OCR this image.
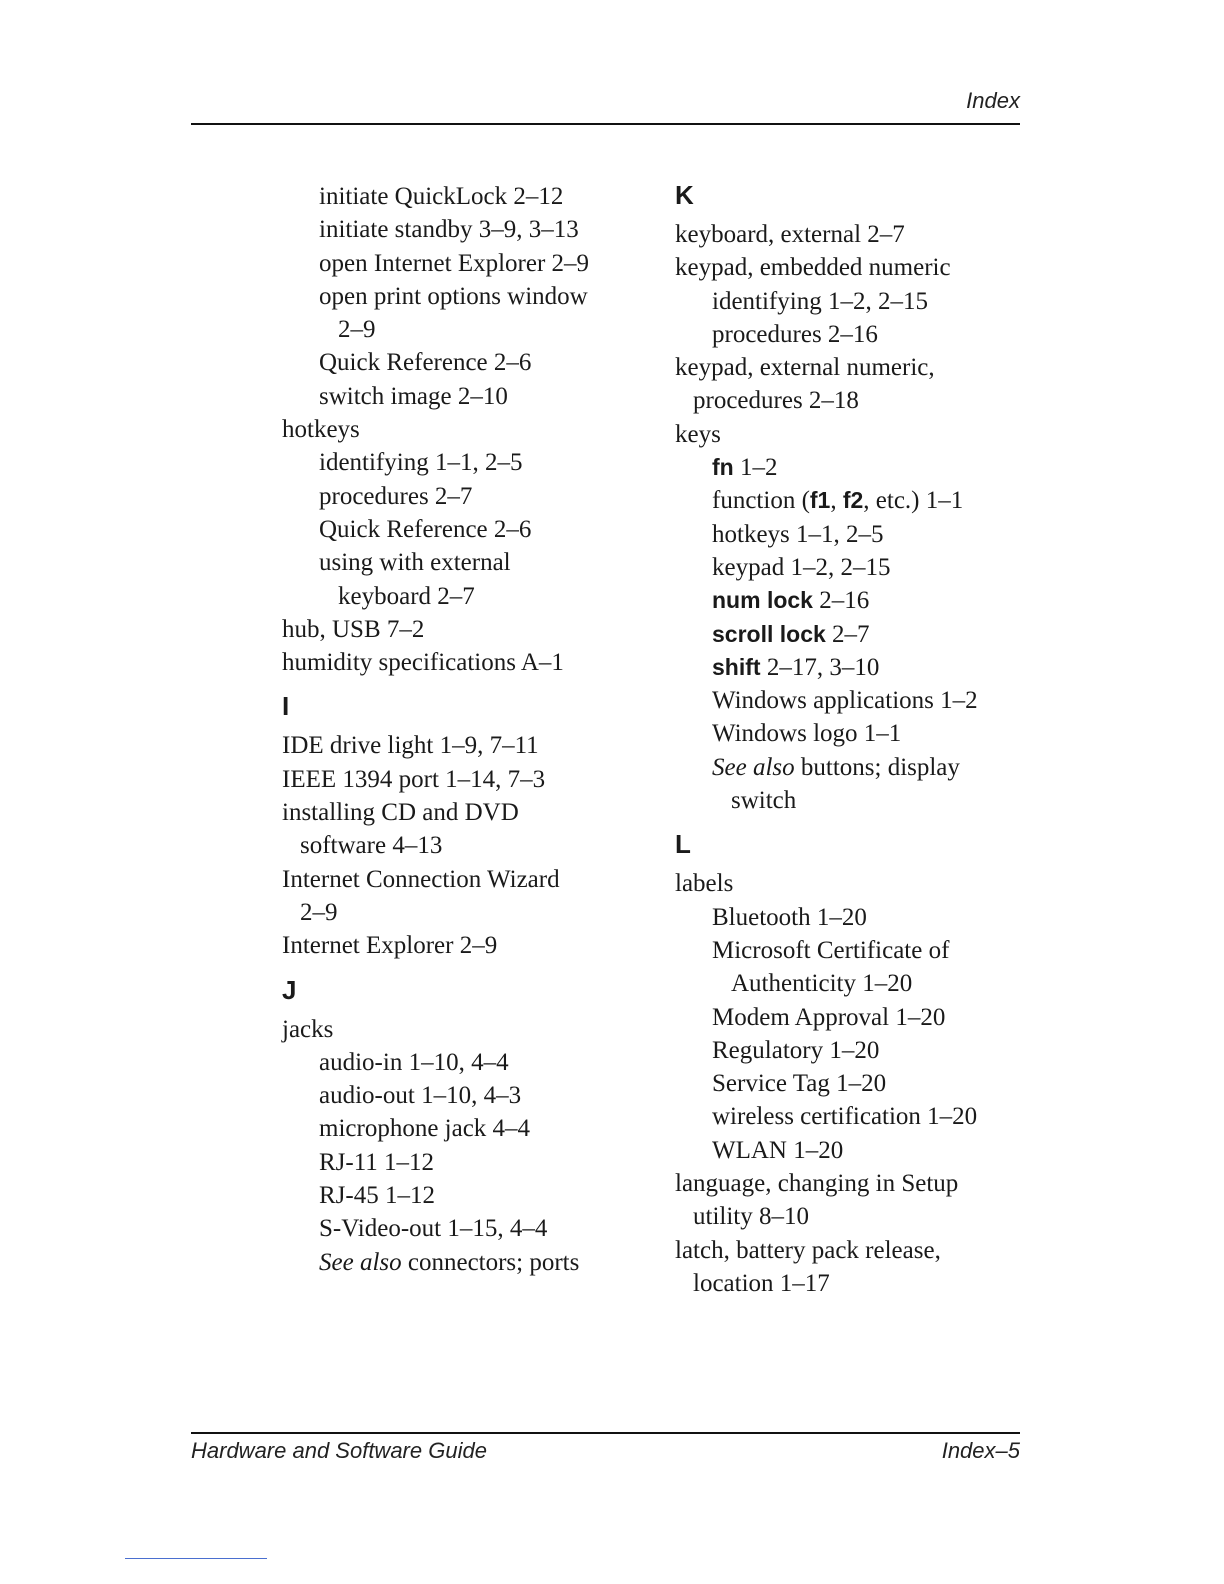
Index
initiate QuickLock 2–12
initiate standby 3–9, 3–13
open Internet Explorer 2–9
open print options window
2–9
Quick Reference 2–6
switch image 2–10
hotkeys
identifying 1–1, 2–5
procedures 2–7
Quick Reference 2–6
using with external
keyboard 2–7
hub, USB 7–2
humidity specifications A–1
I
IDE drive light 1–9, 7–11
IEEE 1394 port 1–14, 7–3
installing CD and DVD
software 4–13
Internet Connection Wizard
2–9
Internet Explorer 2–9
J
jacks
audio-in 1–10, 4–4
audio-out 1–10, 4–3
microphone jack 4–4
RJ-11 1–12
RJ-45 1–12
S-Video-out 1–15, 4–4
See also connectors; ports
K
keyboard, external 2–7
keypad, embedded numeric
identifying 1–2, 2–15
procedures 2–16
keypad, external numeric,
procedures 2–18
keys
fn 1–2
function (f1, f2, etc.) 1–1
hotkeys 1–1, 2–5
keypad 1–2, 2–15
num lock 2–16
scroll lock 2–7
shift 2–17, 3–10
Windows applications 1–2
Windows logo 1–1
See also buttons; display
switch
L
labels
Bluetooth 1–20
Microsoft Certificate of
Authenticity 1–20
Modem Approval 1–20
Regulatory 1–20
Service Tag 1–20
wireless certification 1–20
WLAN 1–20
language, changing in Setup
utility 8–10
latch, battery pack release,
location 1–17
Hardware and Software Guide	Index–5
